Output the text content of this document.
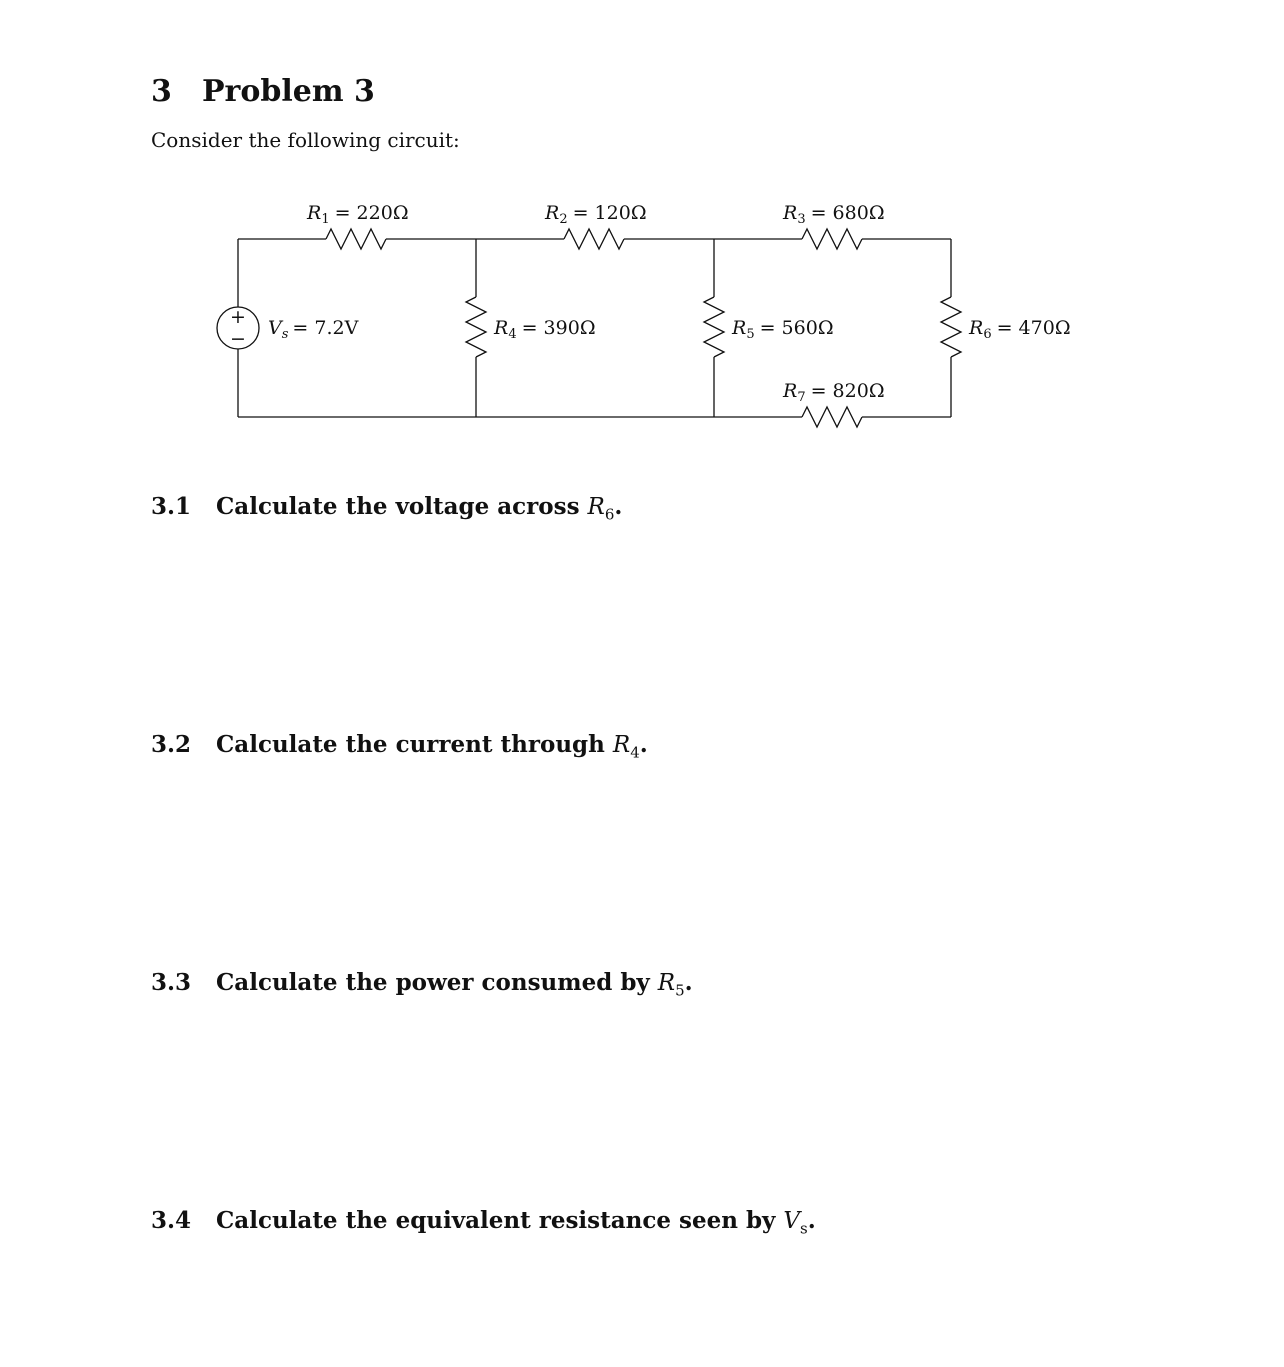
3 Problem 3
Consider the following circuit:
+
− $V_s = 7.2V$
$R_1 = 220\Omega$	$R_2 = 120\Omega$	$R_3 = 680\Omega$
$R_4 = 390\Omega$	$R_5 = 560\Omega$	$R_6 = 470\Omega$
$R_7 = 820\Omega$
3.1 Calculate the voltage across $R_6$.
3.2 Calculate the current through $R_4$.
3.3 Calculate the power consumed by $R_5$.
3.4 Calculate the equivalent resistance seen by $V_s$.
